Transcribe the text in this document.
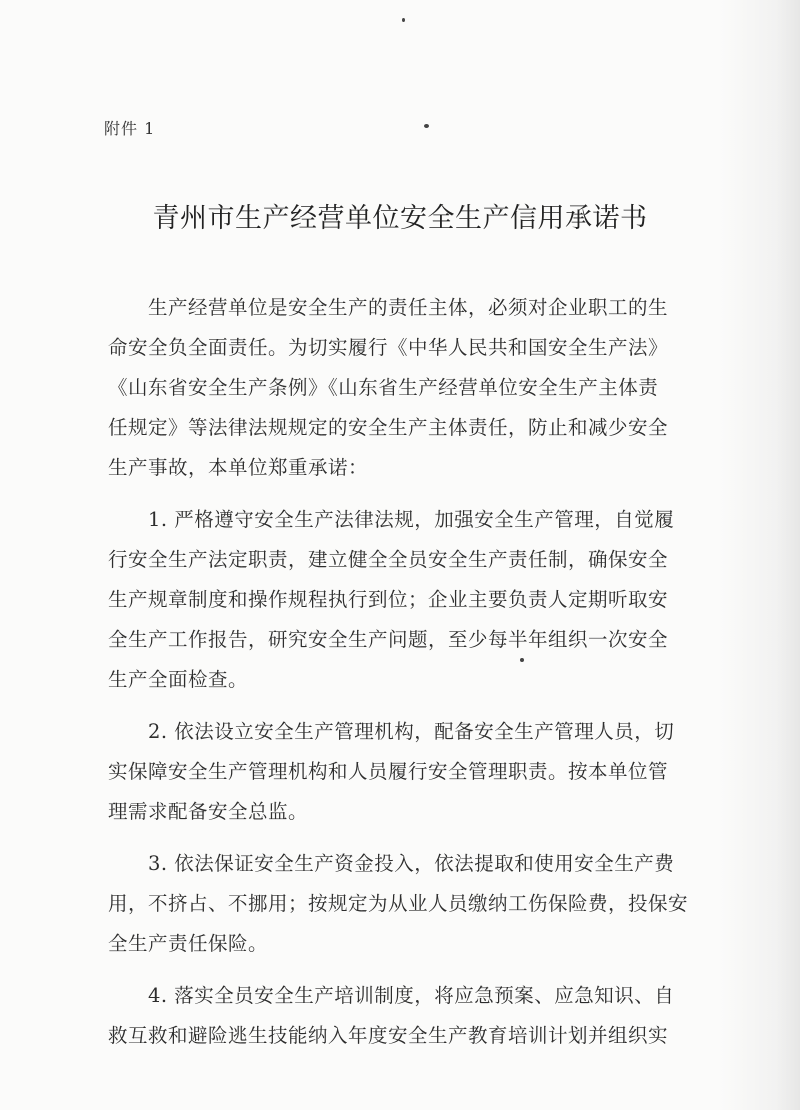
附件 1
青州市生产经营单位安全生产信用承诺书
　　生产经营单位是安全生产的责任主体，必须对企业职工的生
命安全负全面责任。为切实履行《中华人民共和国安全生产法》
《山东省安全生产条例》《山东省生产经营单位安全生产主体责
任规定》等法律法规规定的安全生产主体责任，防止和减少安全
生产事故，本单位郑重承诺：
　　1. 严格遵守安全生产法律法规，加强安全生产管理，自觉履
行安全生产法定职责，建立健全全员安全生产责任制，确保安全
生产规章制度和操作规程执行到位；企业主要负责人定期听取安
全生产工作报告，研究安全生产问题，至少每半年组织一次安全
生产全面检查。
　　2. 依法设立安全生产管理机构，配备安全生产管理人员，切
实保障安全生产管理机构和人员履行安全管理职责。按本单位管
理需求配备安全总监。
　　3. 依法保证安全生产资金投入，依法提取和使用安全生产费
用，不挤占、不挪用；按规定为从业人员缴纳工伤保险费，投保安
全生产责任保险。
　　4. 落实全员安全生产培训制度，将应急预案、应急知识、自
救互救和避险逃生技能纳入年度安全生产教育培训计划并组织实
